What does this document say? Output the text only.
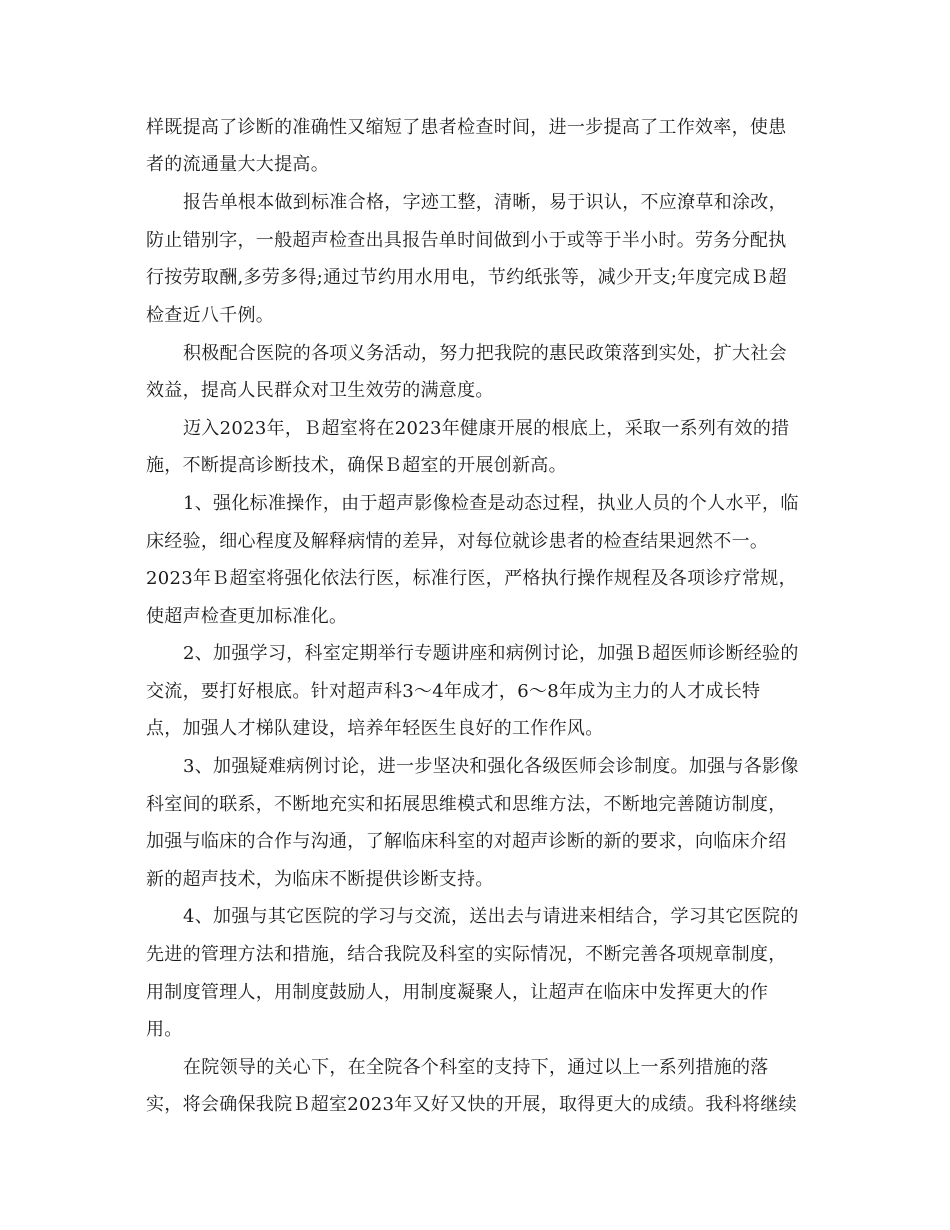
样既提高了诊断的准确性又缩短了患者检查时间，进一步提高了工作效率，使患

者的流通量大大提高。

报告单根本做到标准合格，字迹工整，清晰，易于识认，不应潦草和涂改，

防止错别字，一般超声检查出具报告单时间做到小于或等于半小时。劳务分配执

行按劳取酬,多劳多得;通过节约用水用电，节约纸张等，减少开支;年度完成Ｂ超

检查近八千例。

积极配合医院的各项义务活动，努力把我院的惠民政策落到实处，扩大社会

效益，提高人民群众对卫生效劳的满意度。

迈入2023年，Ｂ超室将在2023年健康开展的根底上，采取一系列有效的措

施，不断提高诊断技术，确保Ｂ超室的开展创新高。

1、强化标准操作，由于超声影像检查是动态过程，执业人员的个人水平，临

床经验，细心程度及解释病情的差异，对每位就诊患者的检查结果迥然不一。

2023年Ｂ超室将强化依法行医，标准行医，严格执行操作规程及各项诊疗常规，

使超声检查更加标准化。

2、加强学习，科室定期举行专题讲座和病例讨论，加强Ｂ超医师诊断经验的

交流，要打好根底。针对超声科3～4年成才，6～8年成为主力的人才成长特

点，加强人才梯队建设，培养年轻医生良好的工作作风。

3、加强疑难病例讨论，进一步坚决和强化各级医师会诊制度。加强与各影像

科室间的联系，不断地充实和拓展思维模式和思维方法，不断地完善随访制度，

加强与临床的合作与沟通，了解临床科室的对超声诊断的新的要求，向临床介绍

新的超声技术，为临床不断提供诊断支持。

4、加强与其它医院的学习与交流，送出去与请进来相结合，学习其它医院的

先进的管理方法和措施，结合我院及科室的实际情况，不断完善各项规章制度，

用制度管理人，用制度鼓励人，用制度凝聚人，让超声在临床中发挥更大的作

用。

在院领导的关心下，在全院各个科室的支持下，通过以上一系列措施的落

实，将会确保我院Ｂ超室2023年又好又快的开展，取得更大的成绩。我科将继续
